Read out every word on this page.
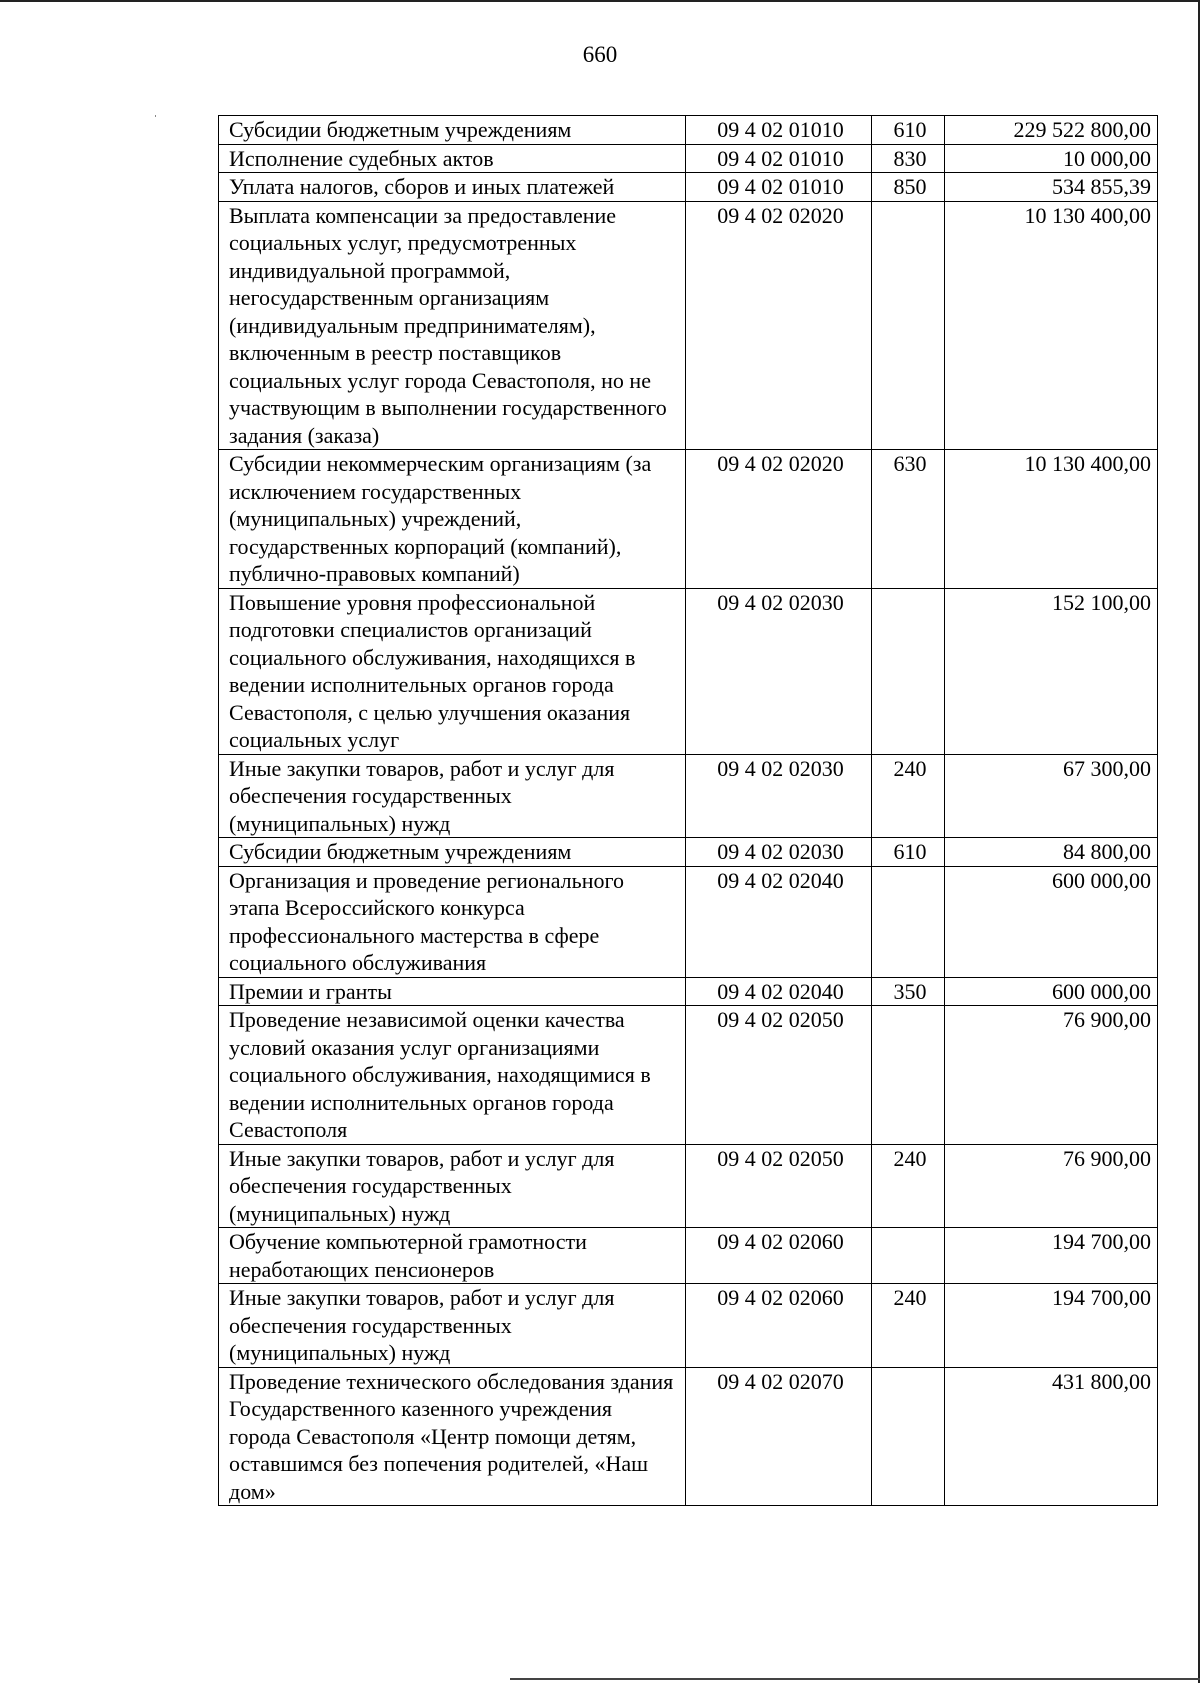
660
Субсидии бюджетным учреждениям	09 4 02 01010	610	229 522 800,00
Исполнение судебных актов	09 4 02 01010	830	10 000,00
Уплата налогов, сборов и иных платежей	09 4 02 01010	850	534 855,39
Выплата компенсации за предоставление социальных услуг, предусмотренных индивидуальной программой, негосударственным организациям (индивидуальным предпринимателям), включенным в реестр поставщиков социальных услуг города Севастополя, но не участвующим в выполнении государственного задания (заказа)	09 4 02 02020		10 130 400,00
Субсидии некоммерческим организациям (за исключением государственных (муниципальных) учреждений, государственных корпораций (компаний), публично-правовых компаний)	09 4 02 02020	630	10 130 400,00
Повышение уровня профессиональной подготовки специалистов организаций социального обслуживания, находящихся в ведении исполнительных органов города Севастополя, с целью улучшения оказания социальных услуг	09 4 02 02030		152 100,00
Иные закупки товаров, работ и услуг для обеспечения государственных (муниципальных) нужд	09 4 02 02030	240	67 300,00
Субсидии бюджетным учреждениям	09 4 02 02030	610	84 800,00
Организация и проведение регионального этапа Всероссийского конкурса профессионального мастерства в сфере социального обслуживания	09 4 02 02040		600 000,00
Премии и гранты	09 4 02 02040	350	600 000,00
Проведение независимой оценки качества условий оказания услуг организациями социального обслуживания, находящимися в ведении исполнительных органов города Севастополя	09 4 02 02050		76 900,00
Иные закупки товаров, работ и услуг для обеспечения государственных (муниципальных) нужд	09 4 02 02050	240	76 900,00
Обучение компьютерной грамотности неработающих пенсионеров	09 4 02 02060		194 700,00
Иные закупки товаров, работ и услуг для обеспечения государственных (муниципальных) нужд	09 4 02 02060	240	194 700,00
Проведение технического обследования здания Государственного казенного учреждения города Севастополя «Центр помощи детям, оставшимся без попечения родителей, «Наш дом»	09 4 02 02070		431 800,00
